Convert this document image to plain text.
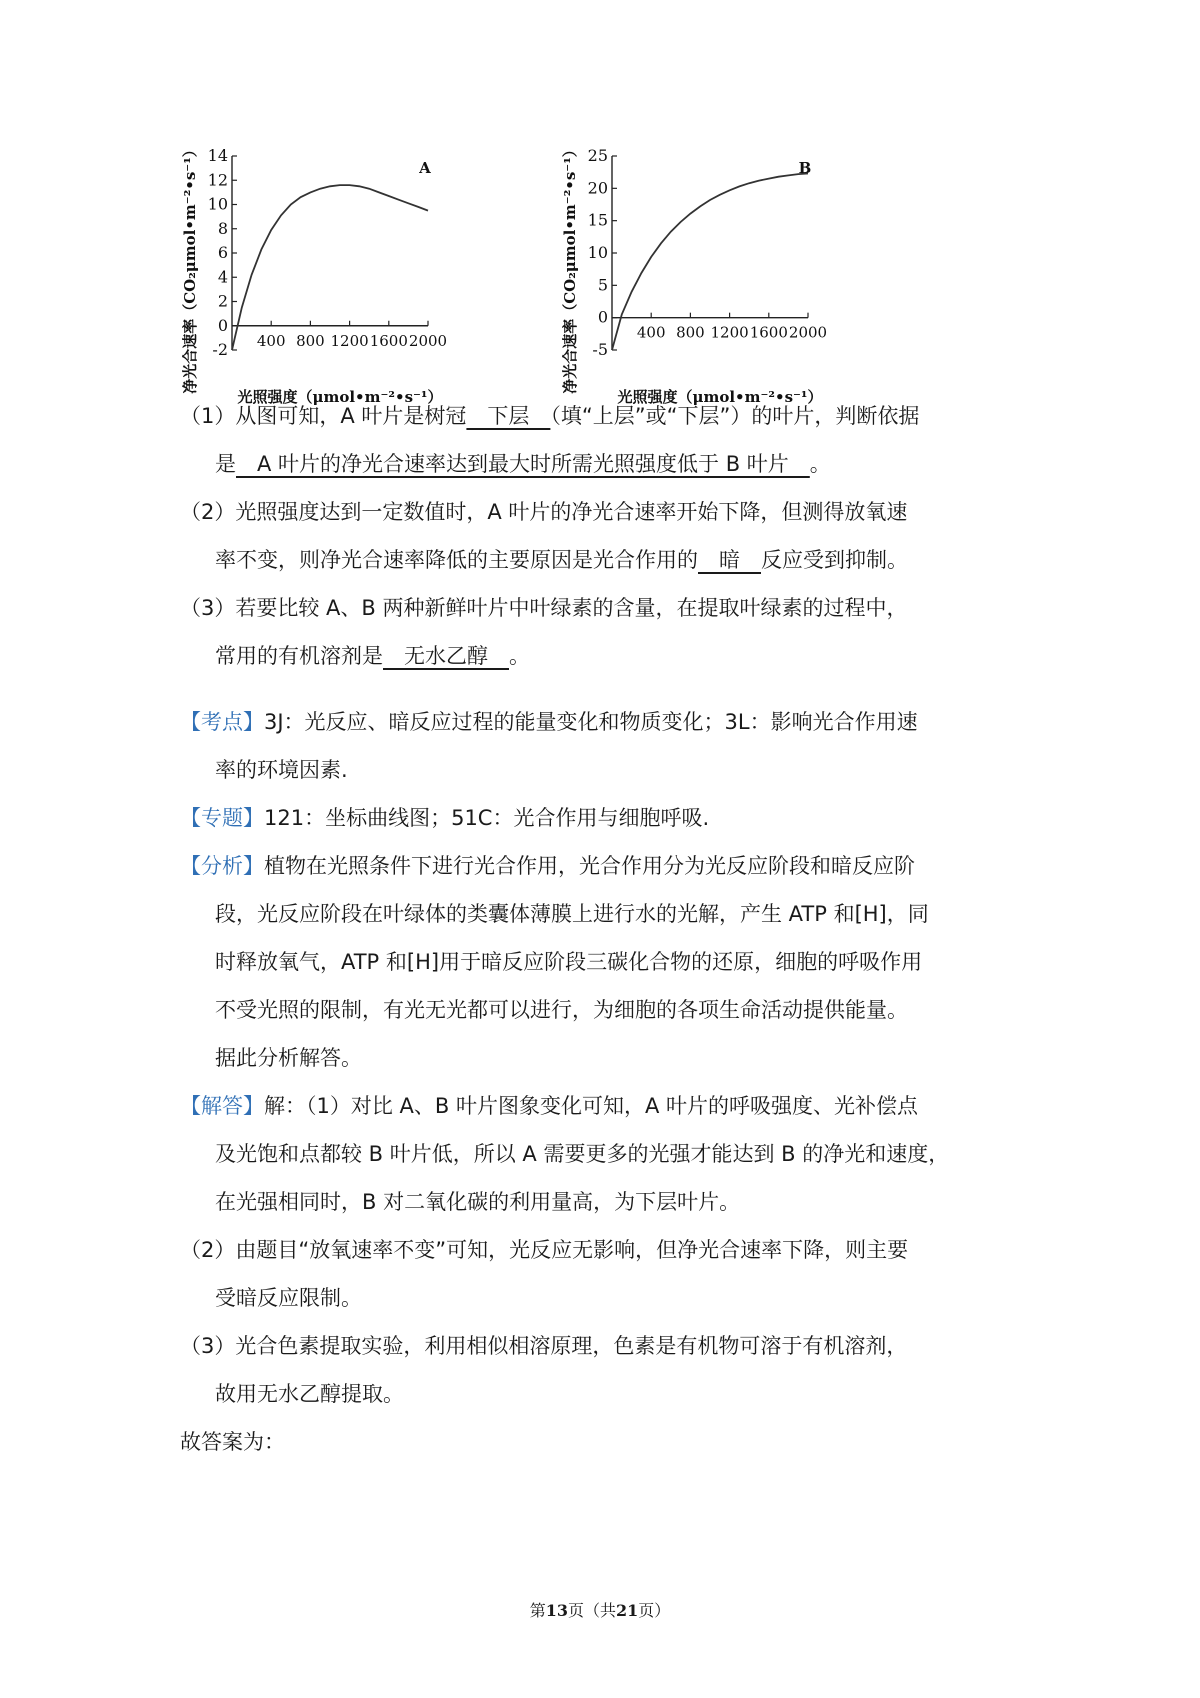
-2
0
2
4
6
8
10
12
14
400 800 1200 1600 2000
A
光照强度（μmol•m⁻²•s⁻¹）
净光合速率（CO₂μmol•m⁻²•s⁻¹）	-5
0
5
10
15
20
25
400 800 1200 1600 2000
B
光照强度（μmol•m⁻²•s⁻¹）
净光合速率（CO₂μmol•m⁻²•s⁻¹）
（1）从图可知，A 叶片是树冠　下层　（填“上层”或“下层”）的叶片，判断依据
是　A 叶片的净光合速率达到最大时所需光照强度低于 B 叶片　。
（2）光照强度达到一定数值时，A 叶片的净光合速率开始下降，但测得放氧速
率不变，则净光合速率降低的主要原因是光合作用的　暗　反应受到抑制。
（3）若要比较 A、B 两种新鲜叶片中叶绿素的含量，在提取叶绿素的过程中，
常用的有机溶剂是　无水乙醇　。
【考点】3J：光反应、暗反应过程的能量变化和物质变化；3L：影响光合作用速
率的环境因素.
【专题】121：坐标曲线图；51C：光合作用与细胞呼吸.
【分析】植物在光照条件下进行光合作用，光合作用分为光反应阶段和暗反应阶
段，光反应阶段在叶绿体的类囊体薄膜上进行水的光解，产生 ATP 和[H]，同
时释放氧气，ATP 和[H]用于暗反应阶段三碳化合物的还原，细胞的呼吸作用
不受光照的限制，有光无光都可以进行，为细胞的各项生命活动提供能量。
据此分析解答。
【解答】解：（1）对比 A、B 叶片图象变化可知，A 叶片的呼吸强度、光补偿点
及光饱和点都较 B 叶片低，所以 A 需要更多的光强才能达到 B 的净光和速度，
在光强相同时，B 对二氧化碳的利用量高，为下层叶片。
（2）由题目“放氧速率不变”可知，光反应无影响，但净光合速率下降，则主要
受暗反应限制。
（3）光合色素提取实验，利用相似相溶原理，色素是有机物可溶于有机溶剂，
故用无水乙醇提取。
故答案为：
第13页（共21页）
